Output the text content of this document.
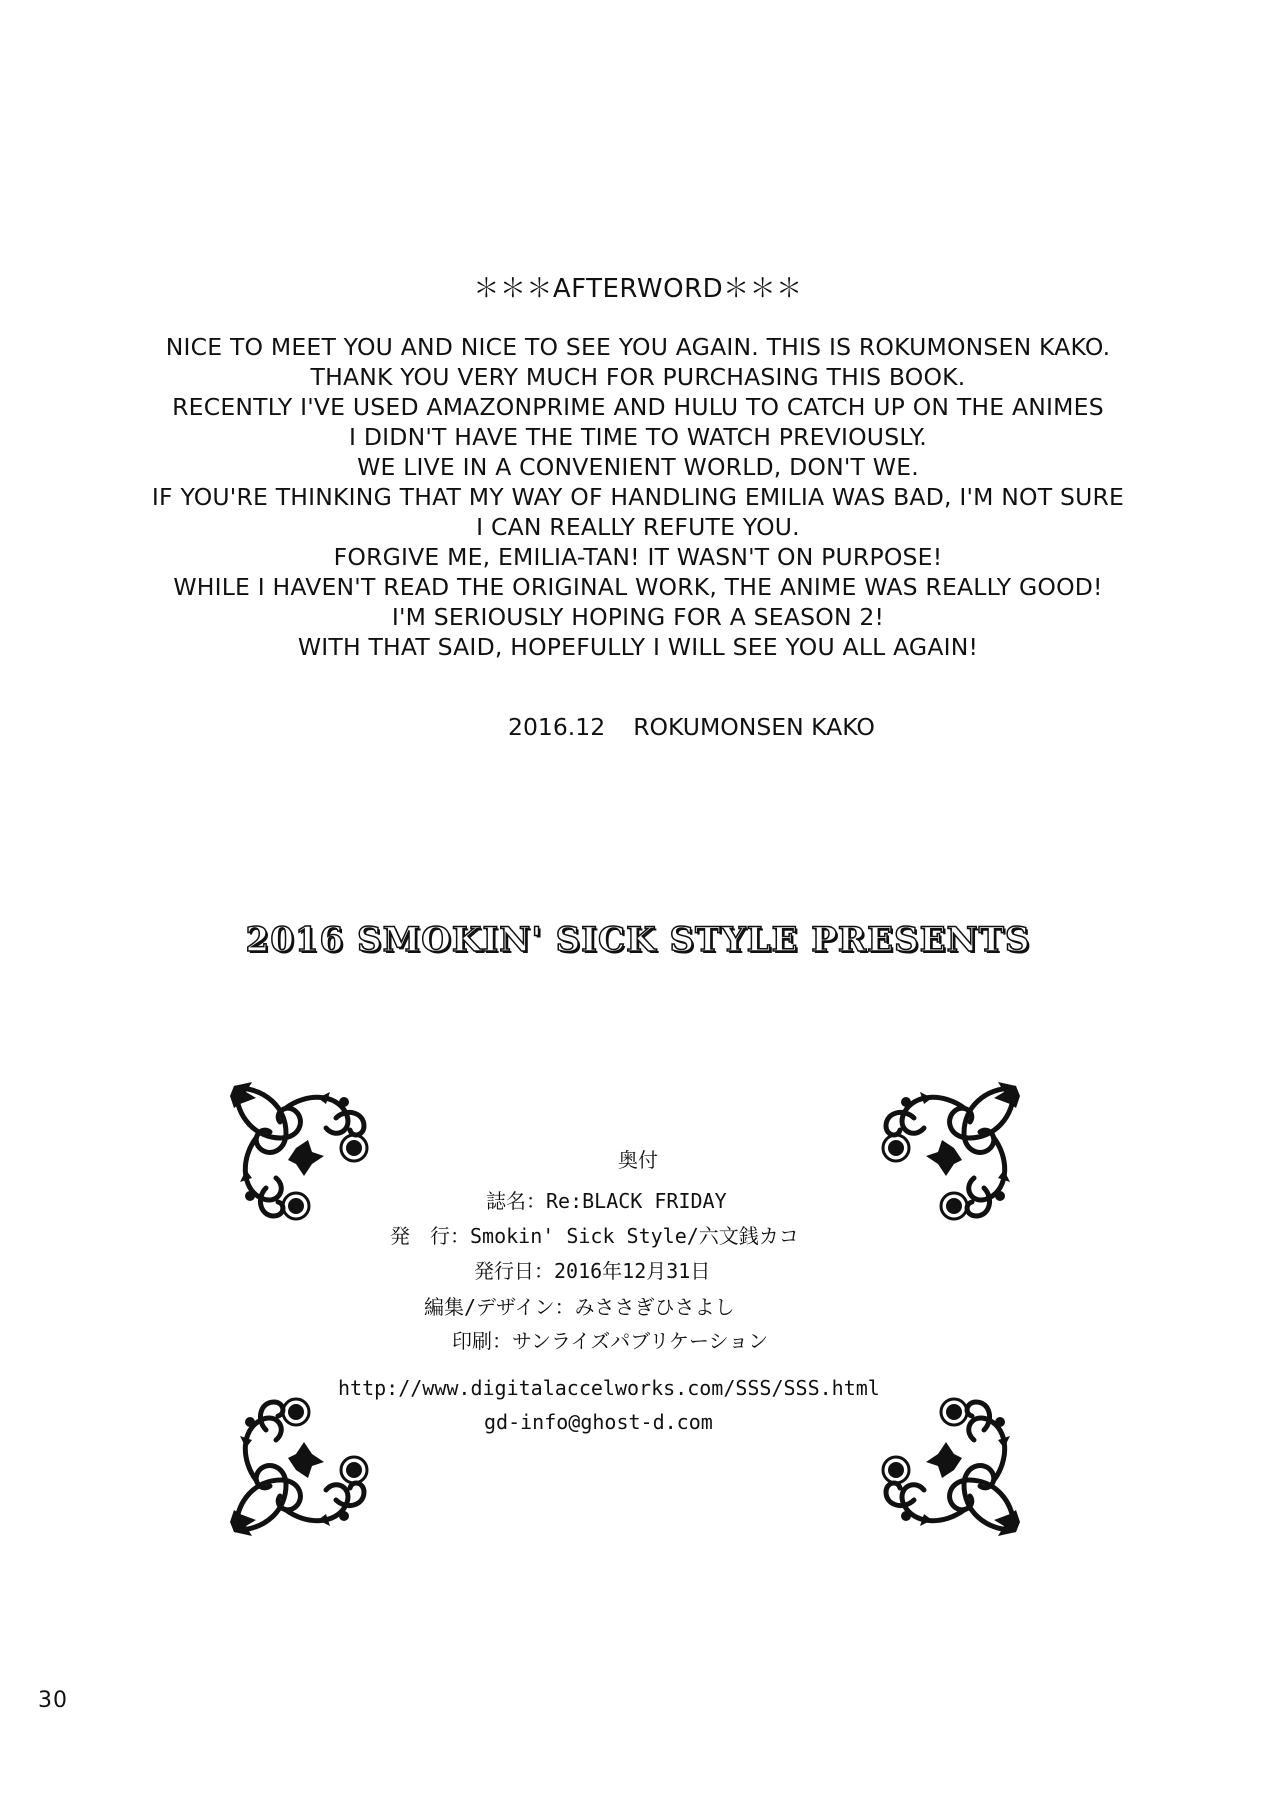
＊＊＊AFTERWORD＊＊＊
NICE TO MEET YOU AND NICE TO SEE YOU AGAIN. THIS IS ROKUMONSEN KAKO.
THANK YOU VERY MUCH FOR PURCHASING THIS BOOK.
RECENTLY I'VE USED AMAZONPRIME AND HULU TO CATCH UP ON THE ANIMES
I DIDN'T HAVE THE TIME TO WATCH PREVIOUSLY.
WE LIVE IN A CONVENIENT WORLD, DON'T WE.
IF YOU'RE THINKING THAT MY WAY OF HANDLING EMILIA WAS BAD, I'M NOT SURE
I CAN REALLY REFUTE YOU.
FORGIVE ME, EMILIA-TAN! IT WASN'T ON PURPOSE!
WHILE I HAVEN'T READ THE ORIGINAL WORK, THE ANIME WAS REALLY GOOD!
I'M SERIOUSLY HOPING FOR A SEASON 2!
WITH THAT SAID, HOPEFULLY I WILL SEE YOU ALL AGAIN!
2016.12 ROKUMONSEN KAKO
2016 SMOKIN' SICK STYLE PRESENTS
奥付
誌名：Re:BLACK FRIDAY
発　行：Smokin' Sick Style/六文銭カコ
発行日：2016年12月31日
編集/デザイン：みささぎひさよし
印刷：サンライズパブリケーション
http://www.digitalaccelworks.com/SSS/SSS.html
gd-info@ghost-d.com
30
